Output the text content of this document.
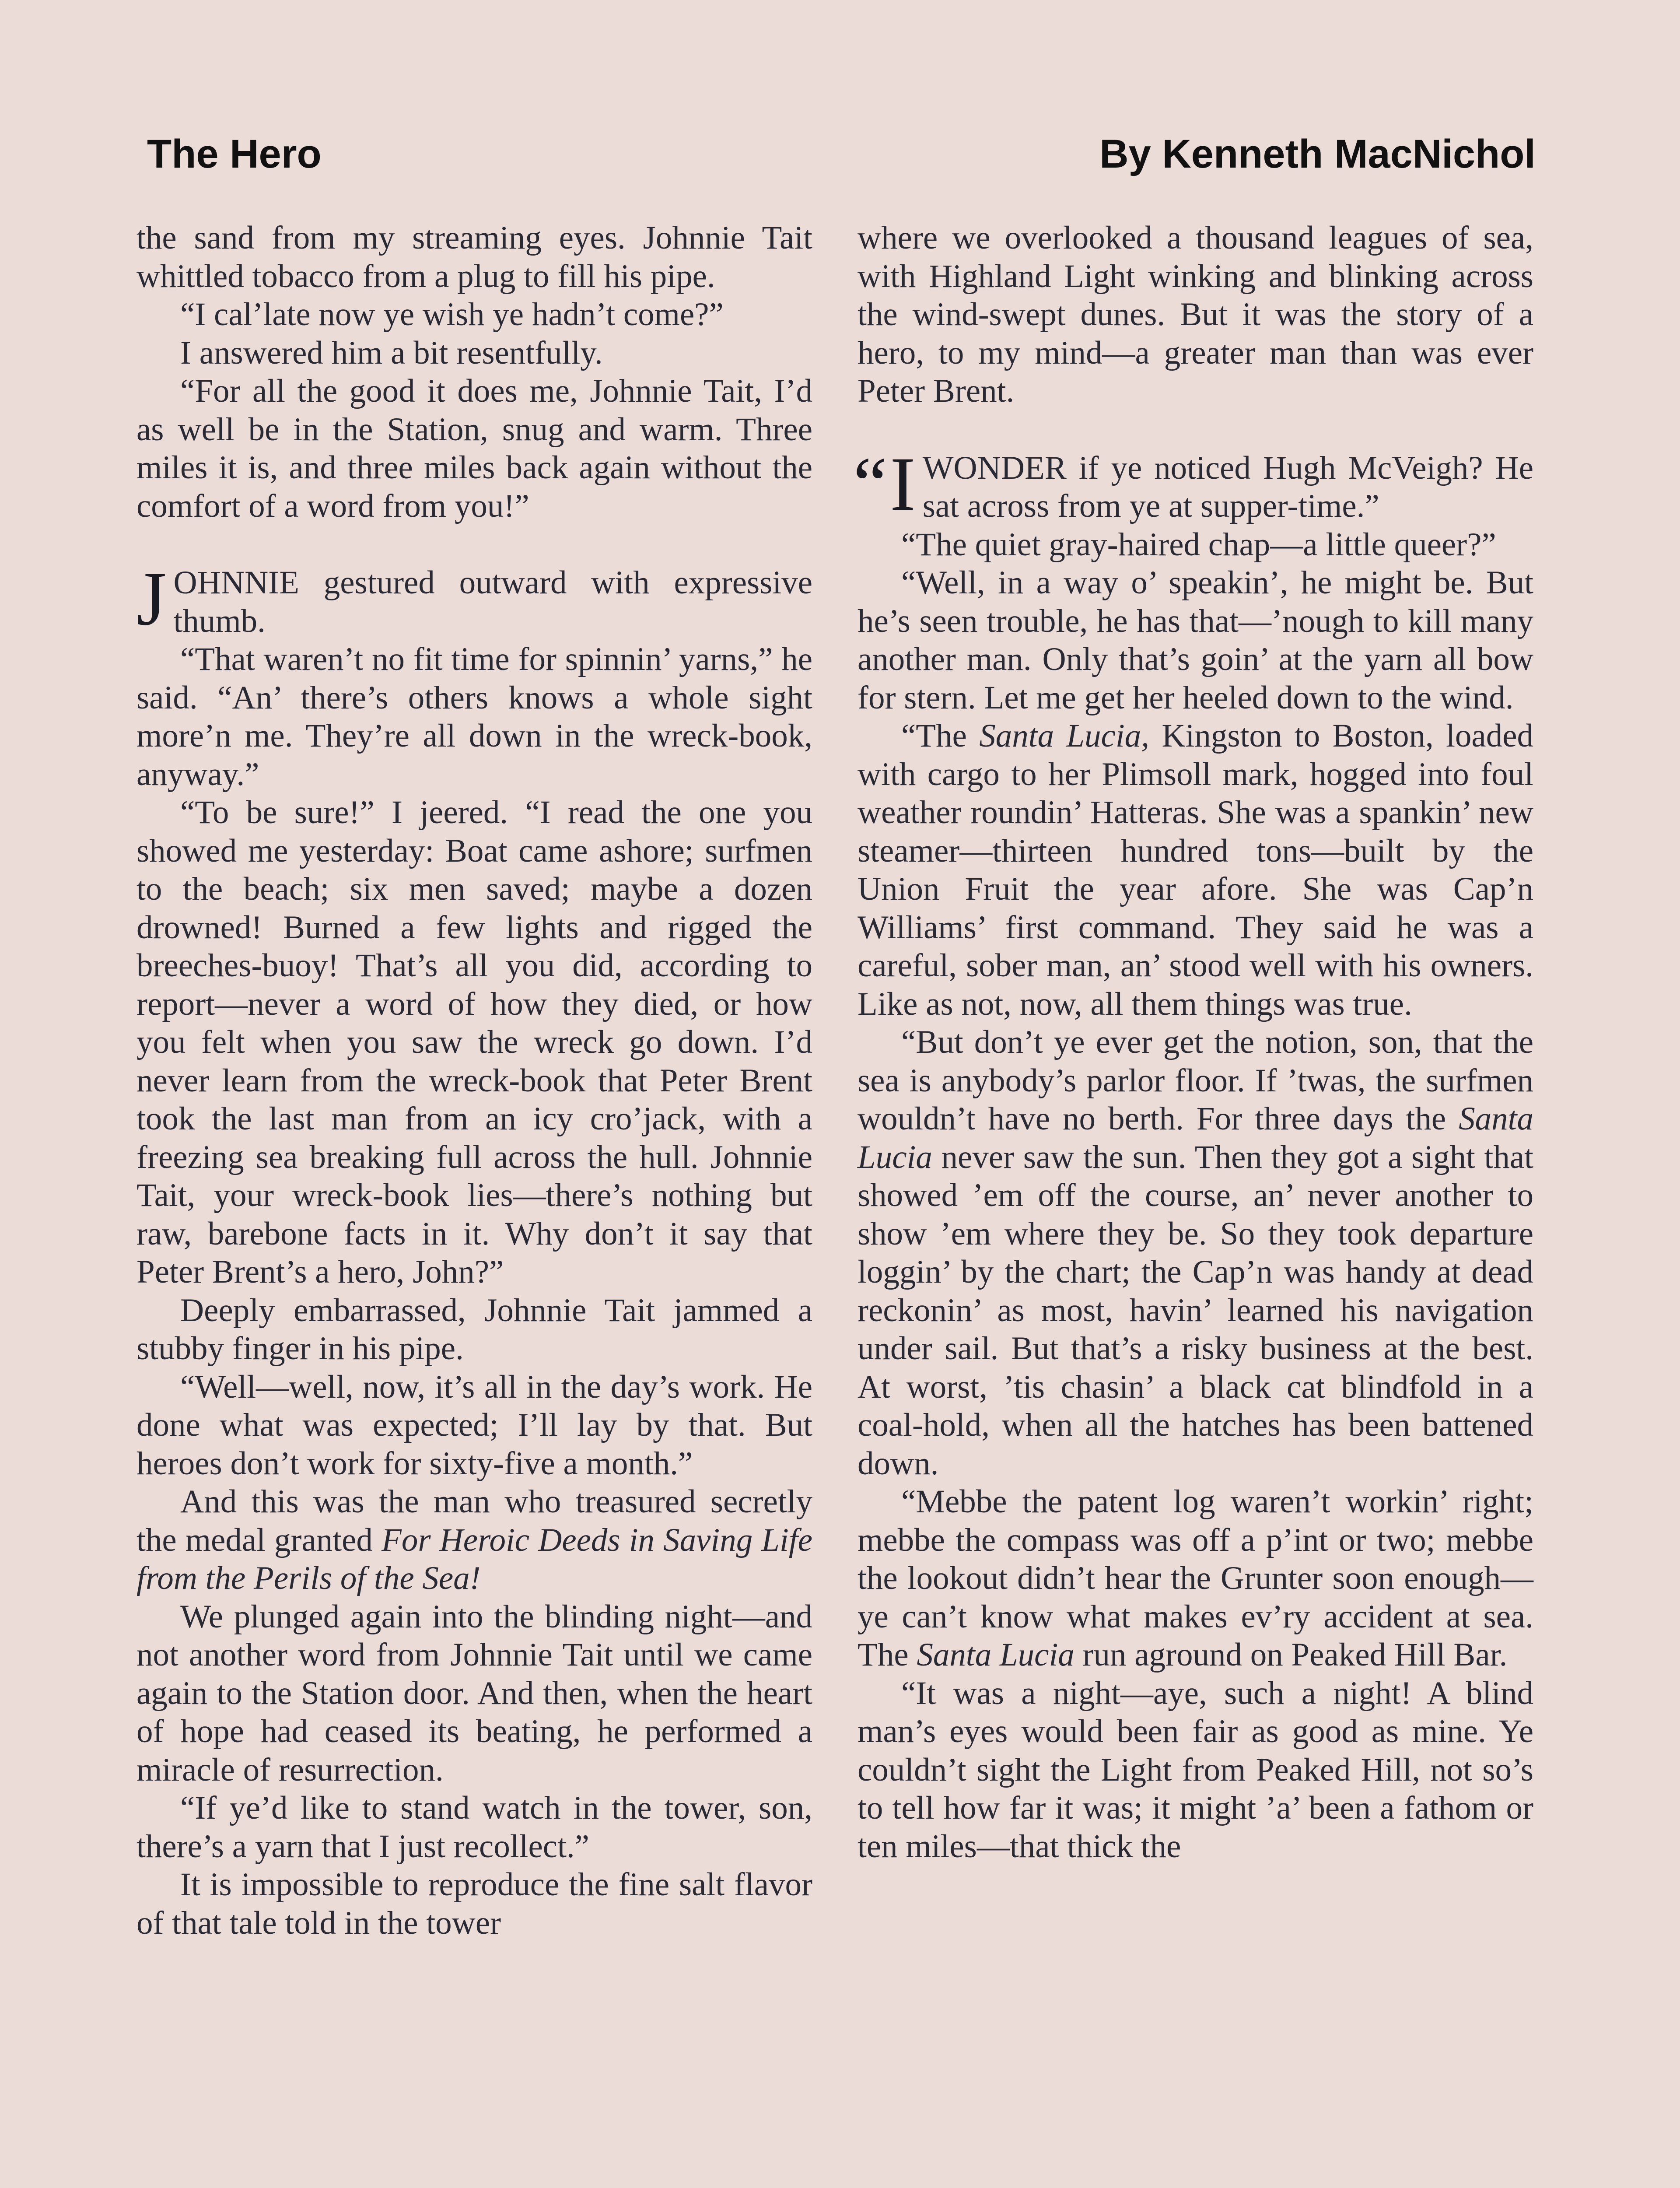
The Hero	By Kenneth MacNichol

the sand from my streaming eyes. Johnnie Tait whittled tobacco from a plug to fill his pipe.

“I cal’late now ye wish ye hadn’t come?”

I answered him a bit resentfully.

“For all the good it does me, Johnnie Tait, I’d as well be in the Station, snug and warm. Three miles it is, and three miles back again without the comfort of a word from you!”

JOHNNIE gestured outward with expressive thumb.

“That waren’t no fit time for spinnin’ yarns,” he said. “An’ there’s others knows a whole sight more’n me. They’re all down in the wreck-book, anyway.”

“To be sure!” I jeered. “I read the one you showed me yesterday: Boat came ashore; surfmen to the beach; six men saved; maybe a dozen drowned! Burned a few lights and rigged the breeches-buoy! That’s all you did, according to report—never a word of how they died, or how you felt when you saw the wreck go down. I’d never learn from the wreck-book that Peter Brent took the last man from an icy cro’jack, with a freezing sea breaking full across the hull. Johnnie Tait, your wreck-book lies—there’s nothing but raw, barebone facts in it. Why don’t it say that Peter Brent’s a hero, John?”

Deeply embarrassed, Johnnie Tait jammed a stubby finger in his pipe.

“Well—well, now, it’s all in the day’s work. He done what was expected; I’ll lay by that. But heroes don’t work for sixty-five a month.”

And this was the man who treasured secretly the medal granted For Heroic Deeds in Saving Life from the Perils of the Sea!

We plunged again into the blinding night—and not another word from Johnnie Tait until we came again to the Station door. And then, when the heart of hope had ceased its beating, he performed a miracle of resurrection.

“If ye’d like to stand watch in the tower, son, there’s a yarn that I just recollect.”

It is impossible to reproduce the fine salt flavor of that tale told in the tower

where we overlooked a thousand leagues of sea, with Highland Light winking and blinking across the wind-swept dunes. But it was the story of a hero, to my mind—a greater man than was ever Peter Brent.

“I WONDER if ye noticed Hugh McVeigh? He sat across from ye at supper-time.”

“The quiet gray-haired chap—a little queer?”

“Well, in a way o’ speakin’, he might be. But he’s seen trouble, he has that—’nough to kill many another man. Only that’s goin’ at the yarn all bow for stern. Let me get her heeled down to the wind.

“The Santa Lucia, Kingston to Boston, loaded with cargo to her Plimsoll mark, hogged into foul weather roundin’ Hatteras. She was a spankin’ new steamer—thirteen hundred tons—built by the Union Fruit the year afore. She was Cap’n Williams’ first command. They said he was a careful, sober man, an’ stood well with his owners. Like as not, now, all them things was true.

“But don’t ye ever get the notion, son, that the sea is anybody’s parlor floor. If ’twas, the surfmen wouldn’t have no berth. For three days the Santa Lucia never saw the sun. Then they got a sight that showed ’em off the course, an’ never another to show ’em where they be. So they took departure loggin’ by the chart; the Cap’n was handy at dead reckonin’ as most, havin’ learned his navigation under sail. But that’s a risky business at the best. At worst, ’tis chasin’ a black cat blindfold in a coal-hold, when all the hatches has been battened down.

“Mebbe the patent log waren’t workin’ right; mebbe the compass was off a p’int or two; mebbe the lookout didn’t hear the Grunter soon enough—ye can’t know what makes ev’ry accident at sea. The Santa Lucia run aground on Peaked Hill Bar.

“It was a night—aye, such a night! A blind man’s eyes would been fair as good as mine. Ye couldn’t sight the Light from Peaked Hill, not so’s to tell how far it was; it might ’a’ been a fathom or ten miles—that thick the
